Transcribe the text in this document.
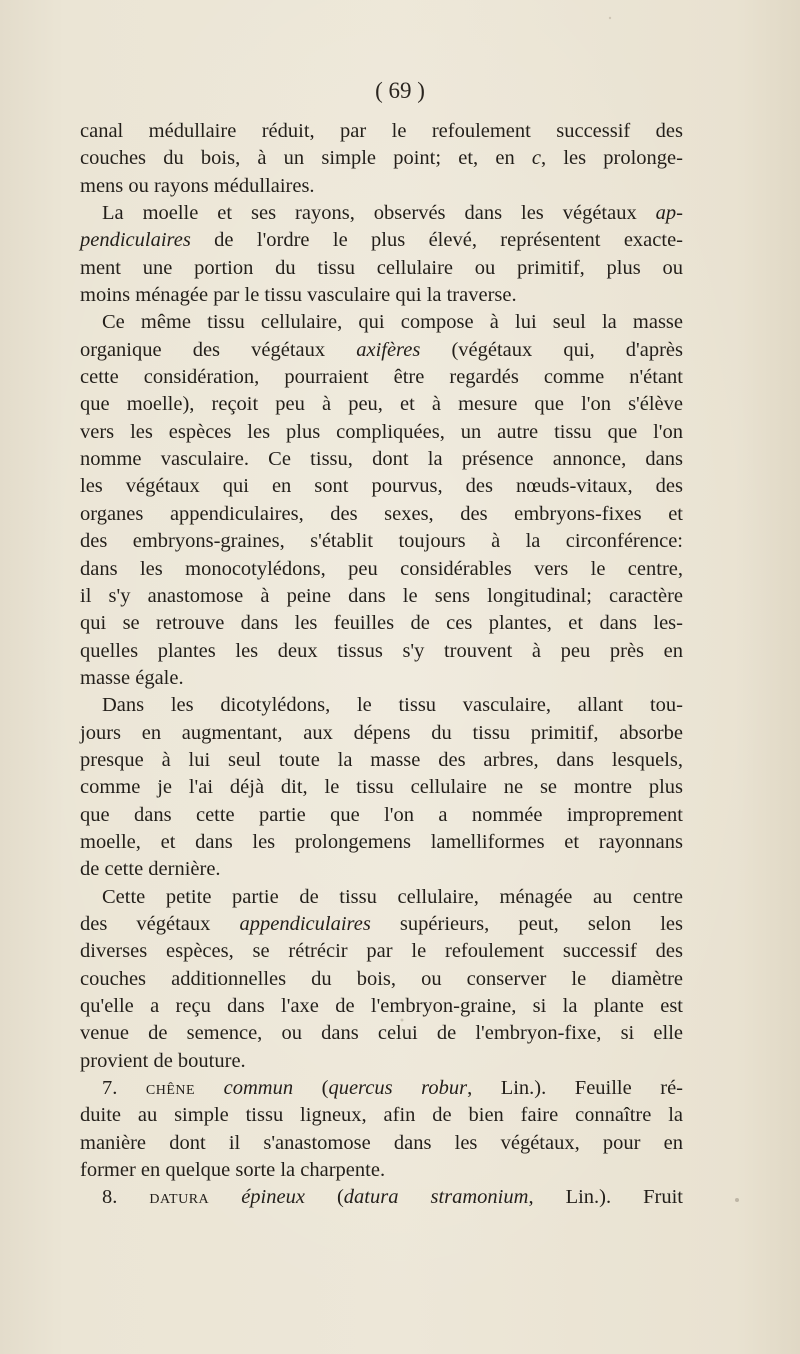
( 69 )
canal médullaire réduit, par le refoulement successif des
couches du bois, à un simple point; et, en c, les prolonge-
mens ou rayons médullaires.
La moelle et ses rayons, observés dans les végétaux ap-
pendiculaires de l'ordre le plus élevé, représentent exacte-
ment une portion du tissu cellulaire ou primitif, plus ou
moins ménagée par le tissu vasculaire qui la traverse.
Ce même tissu cellulaire, qui compose à lui seul la masse
organique des végétaux axifères (végétaux qui, d'après
cette considération, pourraient être regardés comme n'étant
que moelle), reçoit peu à peu, et à mesure que l'on s'élève
vers les espèces les plus compliquées, un autre tissu que l'on
nomme vasculaire. Ce tissu, dont la présence annonce, dans
les végétaux qui en sont pourvus, des nœuds-vitaux, des
organes appendiculaires, des sexes, des embryons-fixes et
des embryons-graines, s'établit toujours à la circonférence:
dans les monocotylédons, peu considérables vers le centre,
il s'y anastomose à peine dans le sens longitudinal; caractère
qui se retrouve dans les feuilles de ces plantes, et dans les-
quelles plantes les deux tissus s'y trouvent à peu près en
masse égale.
Dans les dicotylédons, le tissu vasculaire, allant tou-
jours en augmentant, aux dépens du tissu primitif, absorbe
presque à lui seul toute la masse des arbres, dans lesquels,
comme je l'ai déjà dit, le tissu cellulaire ne se montre plus
que dans cette partie que l'on a nommée improprement
moelle, et dans les prolongemens lamelliformes et rayonnans
de cette dernière.
Cette petite partie de tissu cellulaire, ménagée au centre
des végétaux appendiculaires supérieurs, peut, selon les
diverses espèces, se rétrécir par le refoulement successif des
couches additionnelles du bois, ou conserver le diamètre
qu'elle a reçu dans l'axe de l'embryon-graine, si la plante est
venue de semence, ou dans celui de l'embryon-fixe, si elle
provient de bouture.
7. chêne commun (quercus robur, Lin.). Feuille ré-
duite au simple tissu ligneux, afin de bien faire connaître la
manière dont il s'anastomose dans les végétaux, pour en
former en quelque sorte la charpente.
8. datura épineux (datura stramonium, Lin.). Fruit
